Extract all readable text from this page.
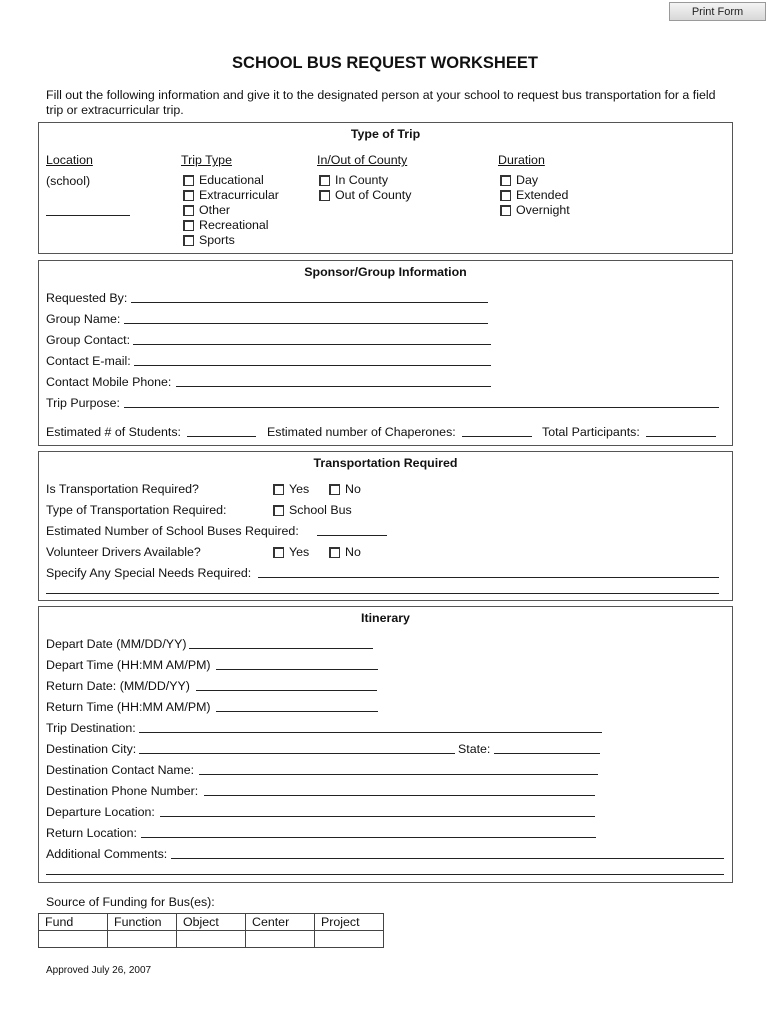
Print Form
SCHOOL BUS REQUEST WORKSHEET
Fill out the following information and give it to the designated person at your school to request bus transportation for a field trip or extracurricular trip.
Type of Trip
Location
(school)
Trip Type
Educational
Extracurricular
Other
Recreational
Sports
In/Out of County
In County
Out of County
Duration
Day
Extended
Overnight
Sponsor/Group Information
Requested By:
Group Name:
Group Contact:
Contact E-mail:
Contact Mobile Phone:
Trip Purpose:
Estimated # of Students:	Estimated number of Chaperones:	Total Participants:
Transportation Required
Is Transportation Required?	Yes	No
Type of Transportation Required:	School Bus
Estimated Number of School Buses Required:
Volunteer Drivers Available?	Yes	No
Specify Any Special Needs Required:
Itinerary
Depart Date (MM/DD/YY)
Depart Time (HH:MM AM/PM)
Return Date: (MM/DD/YY)
Return Time (HH:MM AM/PM)
Trip Destination:
Destination City:	State:
Destination Contact Name:
Destination Phone Number:
Departure Location:
Return Location:
Additional Comments:
Source of Funding for Bus(es):
Fund	Function	Object	Center	Project

Approved July 26, 2007
